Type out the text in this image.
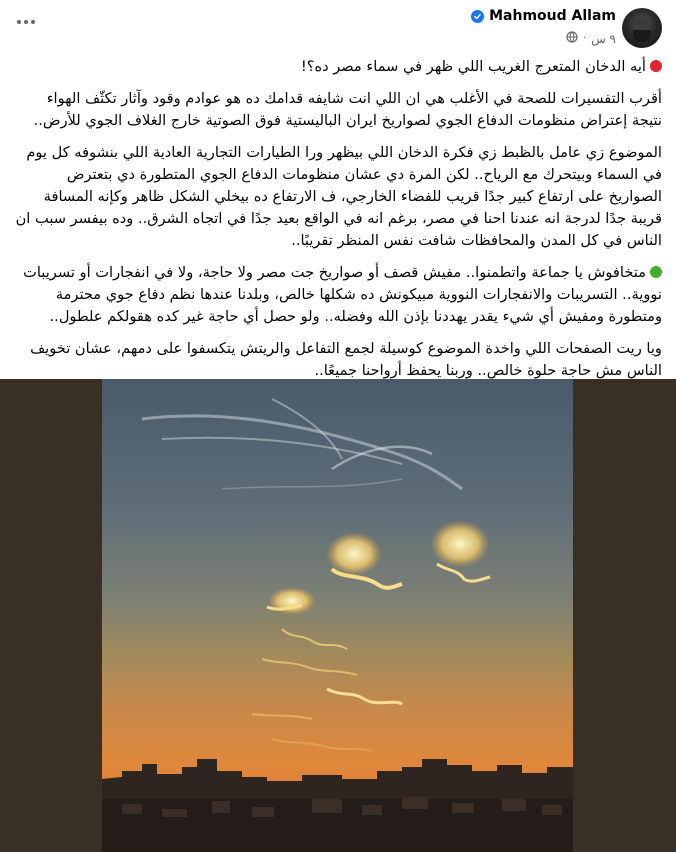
Mahmoud Allam
٩ س
·

أيه الدخان المتعرج الغريب اللي ظهر في سماء مصر ده؟!

أقرب التفسيرات للصحة في الأغلب هي ان اللي انت شايفه قدامك ده هو عوادم وقود وآثار تكثّف الهواء نتيجة إعتراض منظومات الدفاع الجوي لصواريخ ايران الباليستية فوق الصوتية خارج الغلاف الجوي للأرض..

الموضوع زي عامل بالظبط زي فكرة الدخان اللي بيظهر ورا الطيارات التجارية العادية اللي بنشوفه كل يوم في السماء وبيتحرك مع الرياح.. لكن المرة دي عشان منظومات الدفاع الجوي المتطورة دي بتعترض الصواريخ على ارتفاع كبير جدًا قريب للفضاء الخارجي، ف الارتفاع ده بيخلي الشكل ظاهر وكإنه المسافة قريبة جدًا لدرجة انه عندنا احنا في مصر، برغم انه في الواقع بعيد جدًا في اتجاه الشرق.. وده بيفسر سبب ان الناس في كل المدن والمحافظات شافت نفس المنظر تقريبًا..

متخافوش يا جماعة واتطمنوا.. مفيش قصف أو صواريخ جت مصر ولا حاجة، ولا في انفجارات أو تسريبات نووية.. التسريبات والانفجارات النووية مبيكونش ده شكلها خالص، وبلدنا عندها نظم دفاع جوي محترمة ومتطورة ومفيش أي شيء يقدر يهددنا بإذن الله وفضله.. ولو حصل أي حاجة غير كده هقولكم علطول..

ويا ريت الصفحات اللي واخدة الموضوع كوسيلة لجمع التفاعل والريتش يتكسفوا على دمهم، عشان تخويف الناس مش حاجة حلوة خالص.. وربنا يحفظ أرواحنا جميعًا..
